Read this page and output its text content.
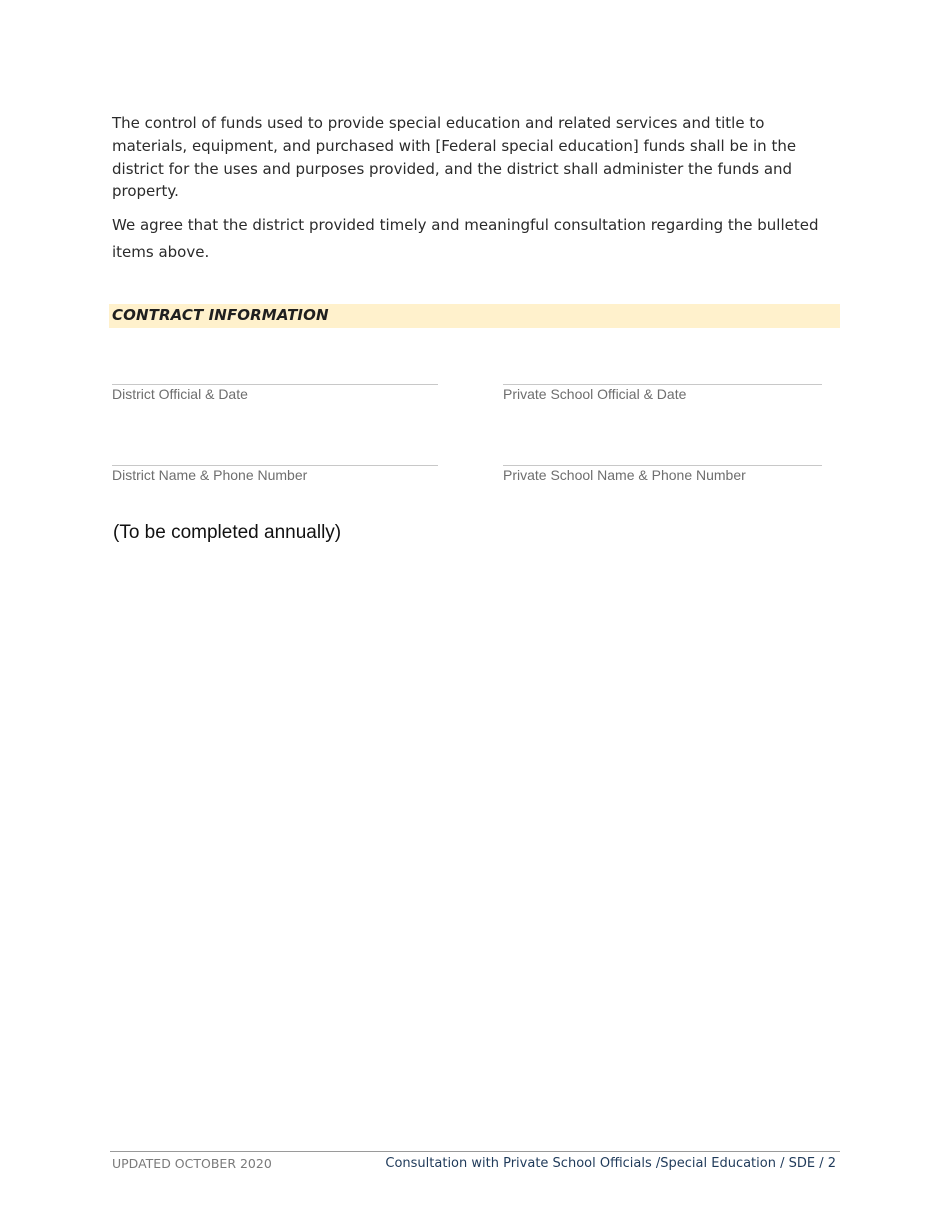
The control of funds used to provide special education and related services and title to materials, equipment, and purchased with [Federal special education] funds shall be in the district for the uses and purposes provided, and the district shall administer the funds and property.

We agree that the district provided timely and meaningful consultation regarding the bulleted items above.

CONTRACT INFORMATION
District Official & Date	Private School Official & Date
District Name & Phone Number	Private School Name & Phone Number
(To be completed annually)
UPDATED OCTOBER 2020	Consultation with Private School Officials /Special Education / SDE / 2
